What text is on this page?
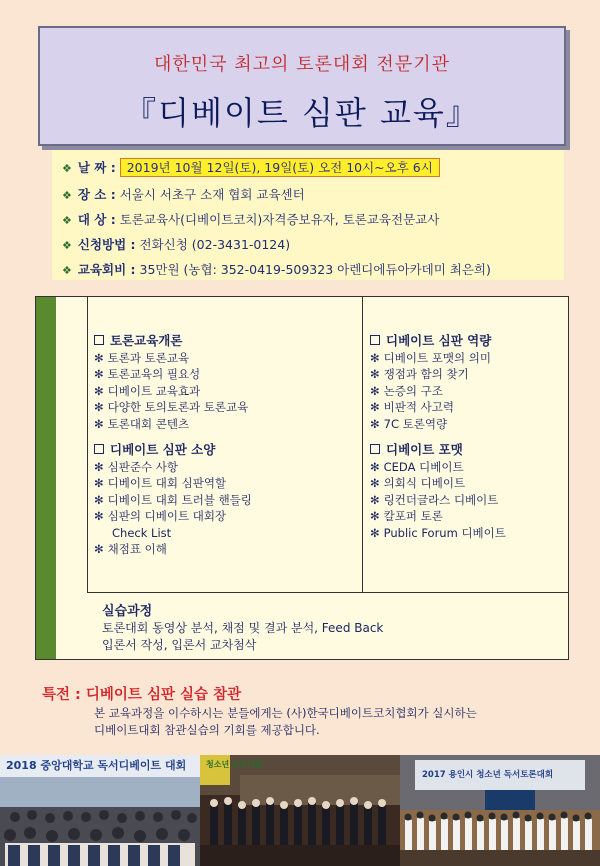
대한민국 최고의 토론대회 전문기관
『디베이트 심판 교육』
❖ 날 짜 : 2019년 10월 12일(토), 19일(토) 오전 10시~오후 6시
❖ 장 소 : 서울시 서초구 소재 협회 교육센터
❖ 대 상 : 토론교육사(디베이트코치)자격증보유자, 토론교육전문교사
❖ 신청방법 : 전화신청 (02-3431-0124)
❖ 교육회비 : 35만원 (농협: 352-0419-509323 아렌디에듀아카데미 최은희)
토론교육개론
✻ 토론과 토론교육
✻ 토론교육의 필요성
✻ 디베이트 교육효과
✻ 다양한 토의토론과 토론교육
✻ 토론대회 콘텐츠
디베이트 심판 소양
✻ 심판준수 사항
✻ 디베이트 대회 심판역할
✻ 디베이트 대회 트러블 핸들링
✻ 심판의 디베이트 대회장
Check List
✻ 채점표 이해
디베이트 심판 역량
✻ 디베이트 포맷의 의미
✻ 쟁점과 함의 찾기
✻ 논증의 구조
✻ 비판적 사고력
✻ 7C 토론역량
디베이트 포맷
✻ CEDA 디베이트
✻ 의회식 디베이트
✻ 링컨더글라스 디베이트
✻ 칼포퍼 토론
✻ Public Forum 디베이트
실습과정
토론대회 동영상 분석, 채점 및 결과 분석, Feed Back
입론서 작성, 입론서 교차첨삭
특전 : 디베이트 심판 실습 참관
본 교육과정을 이수하시는 분들에게는 (사)한국디베이트코치협회가 실시하는
디베이트대회 참관실습의 기회를 제공합니다.
2018 중앙대학교 독서디베이트 대회 청소년 토론대회
2017 용인시 청소년 독서토론대회
